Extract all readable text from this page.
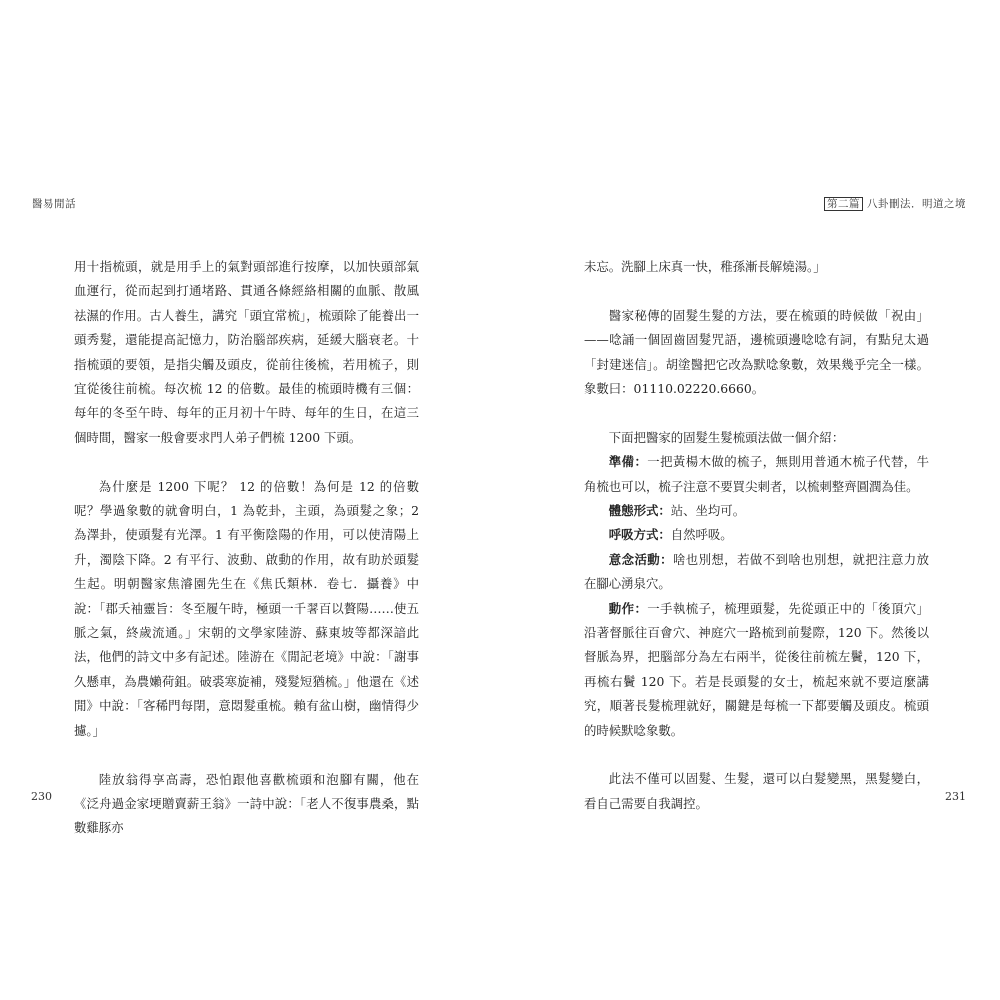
醫易閒話

用十指梳頭，就是用手上的氣對頭部進行按摩，以加快頭部氣血運行，從而起到打通堵路、貫通各條經絡相關的血脈、散風祛濕的作用。古人養生，講究「頭宜常梳」，梳頭除了能養出一頭秀髮，還能提高記憶力，防治腦部疾病，延緩大腦衰老。十指梳頭的要領，是指尖觸及頭皮，從前往後梳，若用梳子，則宜從後往前梳。每次梳 12 的倍數。最佳的梳頭時機有三個：每年的冬至午時、每年的正月初十午時、每年的生日，在這三個時間，醫家一般會要求門人弟子們梳 1200 下頭。

為什麼是 1200 下呢？ 12 的倍數！為何是 12 的倍數呢？學過象數的就會明白，1 為乾卦，主頭，為頭髮之象；2 為澤卦，使頭髮有光澤。1 有平衡陰陽的作用，可以使清陽上升，濁陰下降。2 有平行、波動、啟動的作用，故有助於頭髮生起。明朝醫家焦濬園先生在《焦氏類林．卷七．攝養》中說：「郡夭袖靈旨：冬至履午時，極頭一千𦑥百以贅陽……使五脈之氣，終歲流通。」宋朝的文學家陸游、蘇東坡等都深諳此法，他們的詩文中多有記述。陸游在《閒記老境》中說：「謝事久懸車，為農嬾荷鉏。破裘寒旋補，殘髮短猶梳。」他還在《述閒》中說：「客稀門每閉，意悶髮重梳。賴有盆山樹，幽情得少攄。」

陸放翁得享高壽，恐怕跟他喜歡梳頭和泡腳有關，他在《泛舟過金家埂贈賣薪王翁》一詩中說：「老人不復事農桑，點數雞豚亦

230
第二篇 八卦刪法．明道之境

未忘。洗腳上床真一快，稚孫漸長解燒湯。」

醫家秘傳的固髮生髮的方法，要在梳頭的時候做「祝由」——唸誦一個固齒固髮咒語，邊梳頭邊唸唸有詞，有點兒太過「封建迷信」。胡塗醫把它改為默唸象數，效果幾乎完全一樣。象數曰：01110.02220.6660。

下面把醫家的固髮生髮梳頭法做一個介紹：

準備：一把黃楊木做的梳子，無則用普通木梳子代替，牛角梳也可以，梳子注意不要買尖刺者，以梳刺整齊圓潤為佳。

體態形式：站、坐均可。

呼吸方式：自然呼吸。

意念活動：啥也別想，若做不到啥也別想，就把注意力放在腳心湧泉穴。

動作：一手執梳子，梳理頭髮，先從頭正中的「後頂穴」沿著督脈往百會穴、神庭穴一路梳到前髮際，120 下。然後以督脈為界，把腦部分為左右兩半，從後往前梳左鬢，120 下，再梳右鬢 120 下。若是長頭髮的女士，梳起來就不要這麼講究，順著長髮梳理就好，關鍵是每梳一下都要觸及頭皮。梳頭的時候默唸象數。

此法不僅可以固髮、生髮，還可以白髮變黑，黑髮變白，看自己需要自我調控。	231
